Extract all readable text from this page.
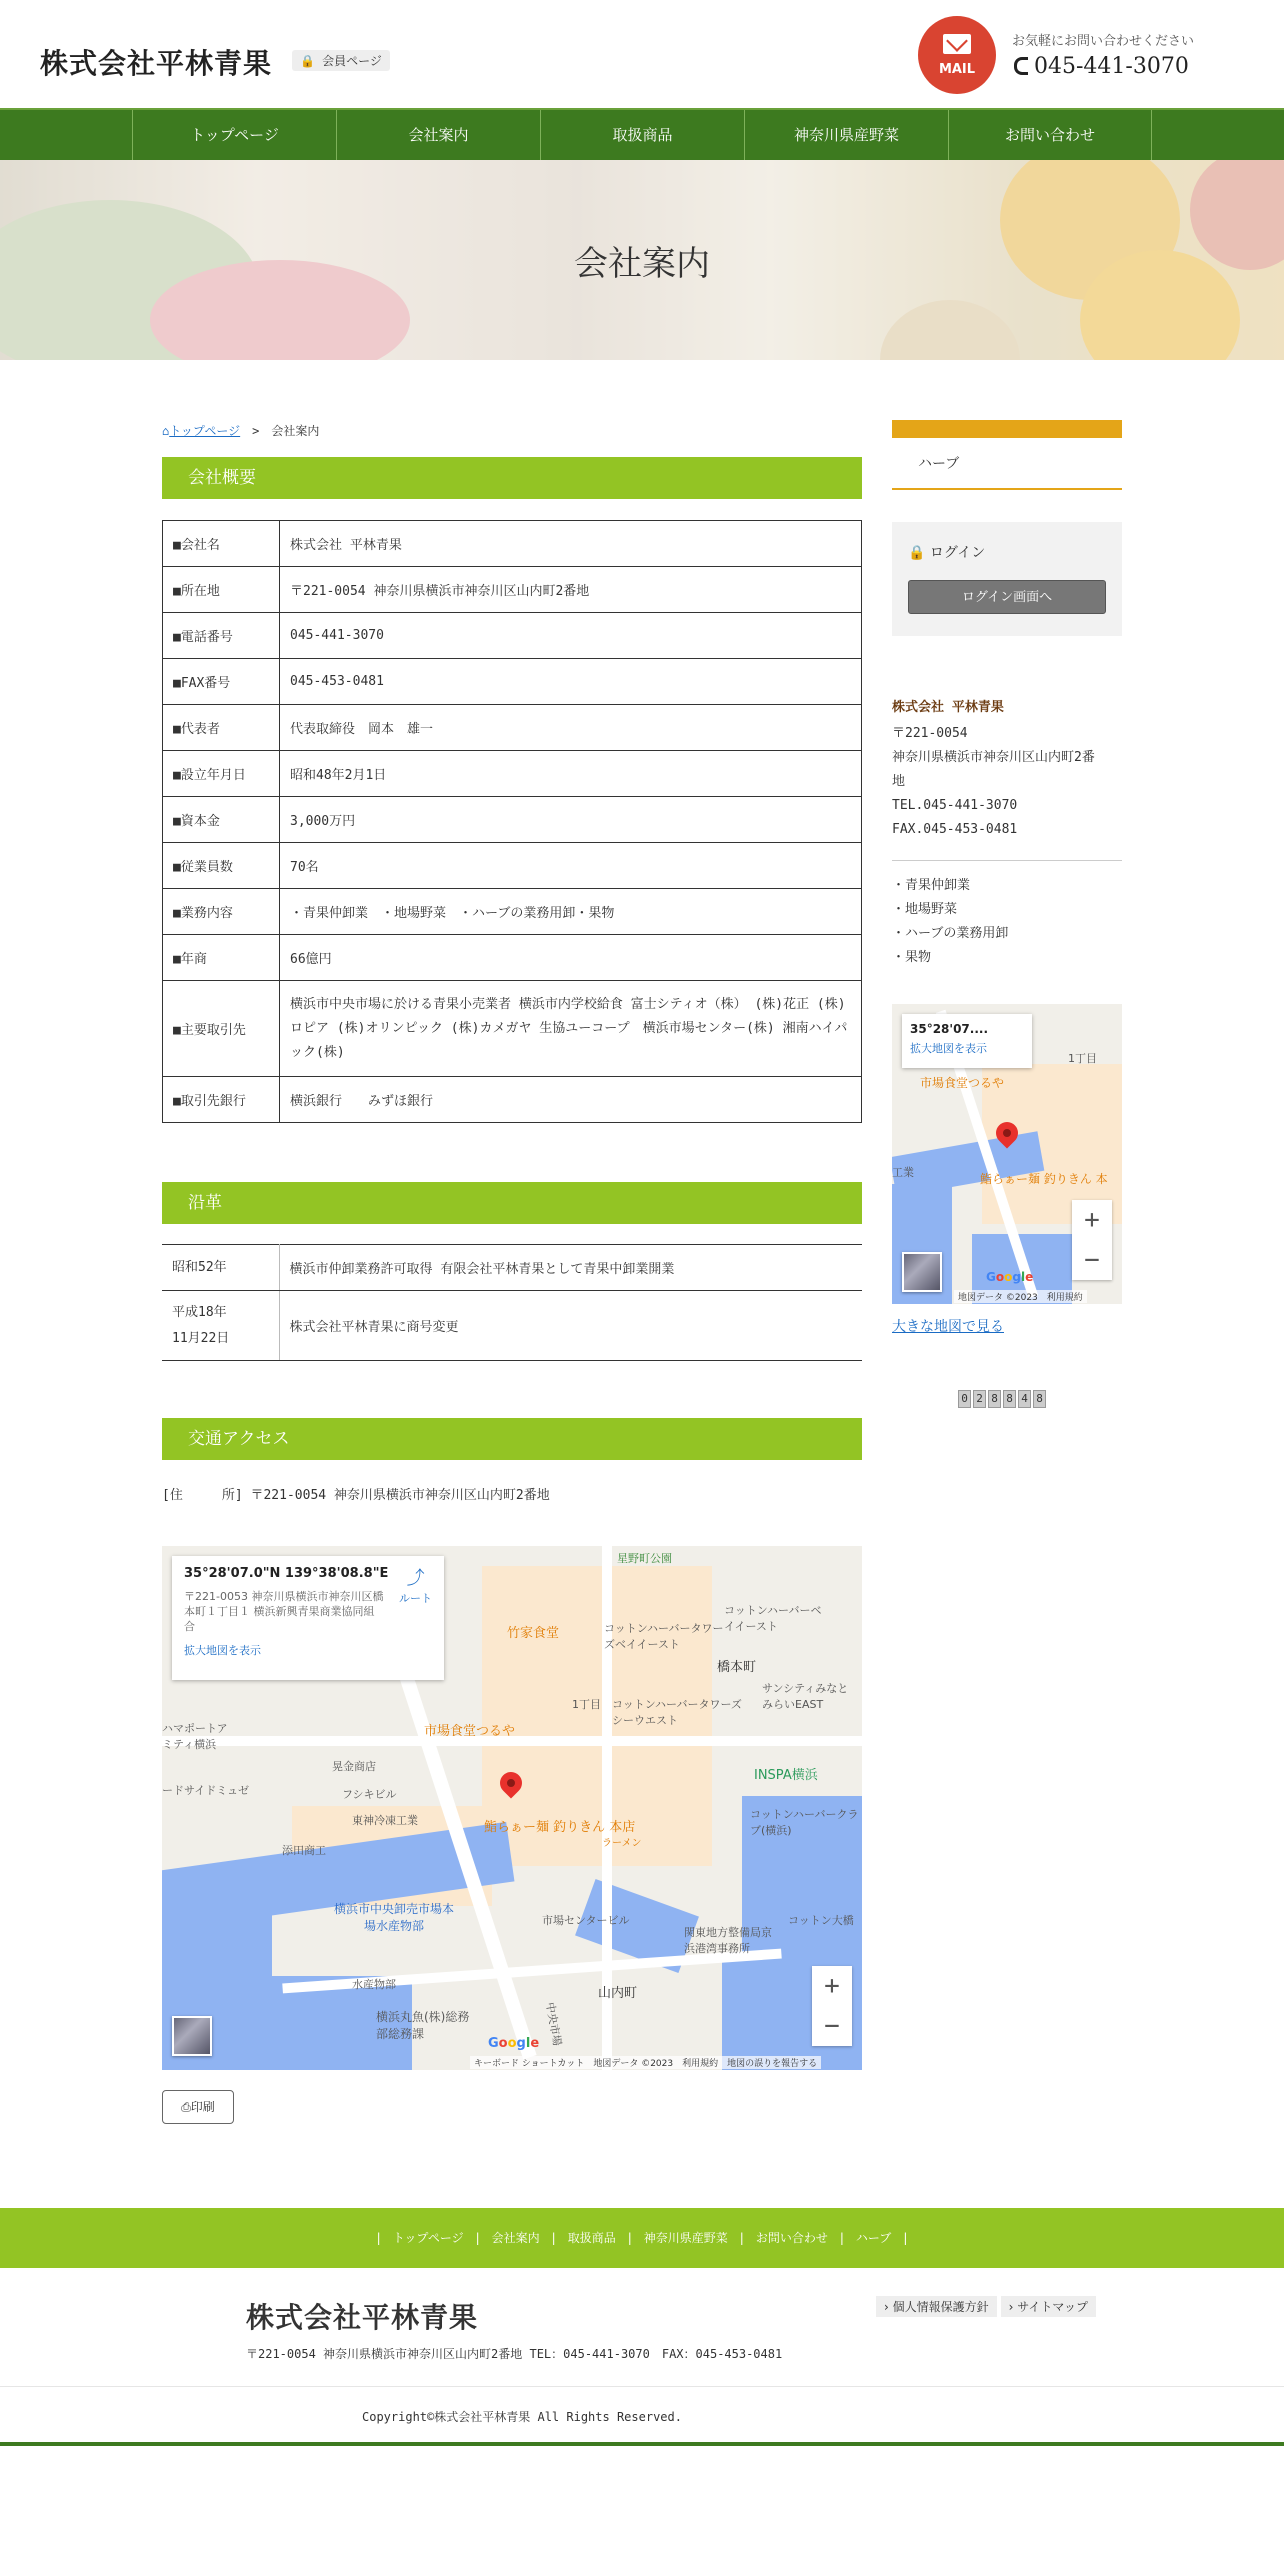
株式会社平林青果	🔒 会員ページ
MAIL
お気軽にお問い合わせください
045-441-3070
トップページ	会社案内	取扱商品	神奈川県産野菜	お問い合わせ
会社案内
⌂トップページ　 >　 会社案内
会社概要
■会社名	株式会社 平林青果
■所在地	〒221-0054 神奈川県横浜市神奈川区山内町2番地
■電話番号	045-441-3070
■FAX番号	045-453-0481
■代表者	代表取締役　岡本　雄一
■設立年月日	昭和48年2月1日
■資本金	3,000万円
■従業員数	70名
■業務内容	・青果仲卸業　・地場野菜　・ハーブの業務用卸・果物
■年商	66億円
■主要取引先	横浜市中央市場に於ける青果小売業者 横浜市内学校給食 富士シティオ（株） (株)花正 (株)ロピア (株)オリンピック (株)カメガヤ 生協ユーコープ　横浜市場センター(株) 湘南ハイパック(株)
■取引先銀行	横浜銀行　　みずほ銀行
沿革
昭和52年	横浜市仲卸業務許可取得 有限会社平林青果として青果中卸業開業
平成18年
11月22日	株式会社平林青果に商号変更
交通アクセス
[住　　　所] 〒221-0054 神奈川県横浜市神奈川区山内町2番地
星野町公園
竹家食堂	コットンハーバータワーズベイイースト
コットンハーバーベイイースト
橋本町
サンシティみなとみらいEAST
1丁目 コットンハーバータワーズシーウエスト
市場食堂つるや
ハマポートアミティ横浜
晃金商店
フシキビル
東神冷凍工業
添田商工
ードサイドミュゼ
鮨らぁー麺 釣りきん 本店
ラーメン
INSPA横浜
コットンハーバークラブ(横浜)
横浜市中央卸売市場本場水産物部	市場センタービル
関東地方整備局京浜港湾事務所
水産物部
山内町
横浜丸魚(株)総務部総務課
コットン大橋
中央市場
35°28'07.0"N 139°38'08.8"E
〒221-0053 神奈川県横浜市神奈川区橋本町１丁目１ 横浜新興青果商業協同組合
拡大地図を表示
⤴
ルート
+
−
Google
キーボード ショートカット　 地図データ ©2023　 利用規約　 地図の誤りを報告する
⎙印刷
ハーブ
🔒 ログイン
ログイン画面へ
株式会社 平林青果
〒221-0054
神奈川県横浜市神奈川区山内町2番
地
TEL.045-441-3070
FAX.045-453-0481
・青果仲卸業
・地場野菜
・ハーブの業務用卸
・果物
1丁目
市場食堂つるや
鮨らぁー麺 釣りきん 本
工業
35°28'07....
拡大地図を表示
+
−
Google
地図データ ©2023　 利用規約
大きな地図で見る
0 2 8 8 4 8
|　トップページ　|　会社案内　|　取扱商品　|　神奈川県産野菜　|　お問い合わせ　|　ハーブ　|
株式会社平林青果	› 個人情報保護方針 › サイトマップ
〒221-0054 神奈川県横浜市神奈川区山内町2番地 TEL：045-441-3070　FAX：045-453-0481
Copyright©株式会社平林青果 All Rights Reserved.
